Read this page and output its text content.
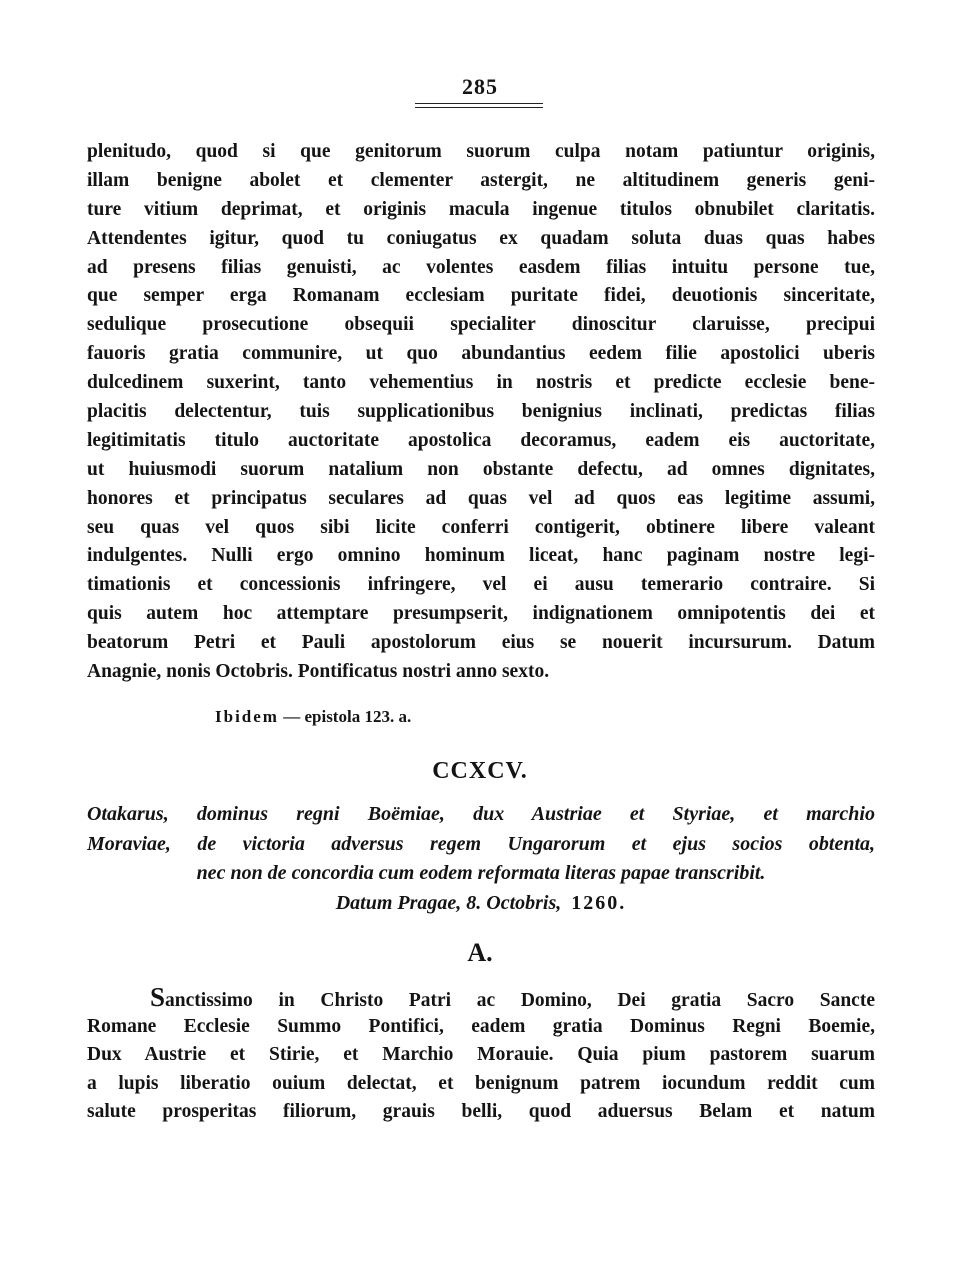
285
plenitudo, quod si que genitorum suorum culpa notam patiuntur originis,
illam benigne abolet et clementer astergit, ne altitudinem generis geni-
ture vitium deprimat, et originis macula ingenue titulos obnubilet claritatis.
Attendentes igitur, quod tu coniugatus ex quadam soluta duas quas habes
ad presens filias genuisti, ac volentes easdem filias intuitu persone tue,
que semper erga Romanam ecclesiam puritate fidei, deuotionis sinceritate,
sedulique prosecutione obsequii specialiter dinoscitur claruisse, precipui
fauoris gratia communire, ut quo abundantius eedem filie apostolici uberis
dulcedinem suxerint, tanto vehementius in nostris et predicte ecclesie bene-
placitis delectentur, tuis supplicationibus benignius inclinati, predictas filias
legitimitatis titulo auctoritate apostolica decoramus, eadem eis auctoritate,
ut huiusmodi suorum natalium non obstante defectu, ad omnes dignitates,
honores et principatus seculares ad quas vel ad quos eas legitime assumi,
seu quas vel quos sibi licite conferri contigerit, obtinere libere valeant
indulgentes. Nulli ergo omnino hominum liceat, hanc paginam nostre legi-
timationis et concessionis infringere, vel ei ausu temerario contraire. Si
quis autem hoc attemptare presumpserit, indignationem omnipotentis dei et
beatorum Petri et Pauli apostolorum eius se nouerit incursurum. Datum
Anagnie, nonis Octobris. Pontificatus nostri anno sexto.
Ibidem — epistola 123. a.
CCXCV.
Otakarus, dominus regni Boëmiae, dux Austriae et Styriae, et marchio
Moraviae, de victoria adversus regem Ungarorum et ejus socios obtenta,
nec non de concordia cum eodem reformata literas papae transcribit.
Datum Pragae, 8. Octobris, 1260.
A.
Sanctissimo in Christo Patri ac Domino, Dei gratia Sacro Sancte
Romane Ecclesie Summo Pontifici, eadem gratia Dominus Regni Boemie,
Dux Austrie et Stirie, et Marchio Morauie. Quia pium pastorem suarum
a lupis liberatio ouium delectat, et benignum patrem iocundum reddit cum
salute prosperitas filiorum, grauis belli, quod aduersus Belam et natum
